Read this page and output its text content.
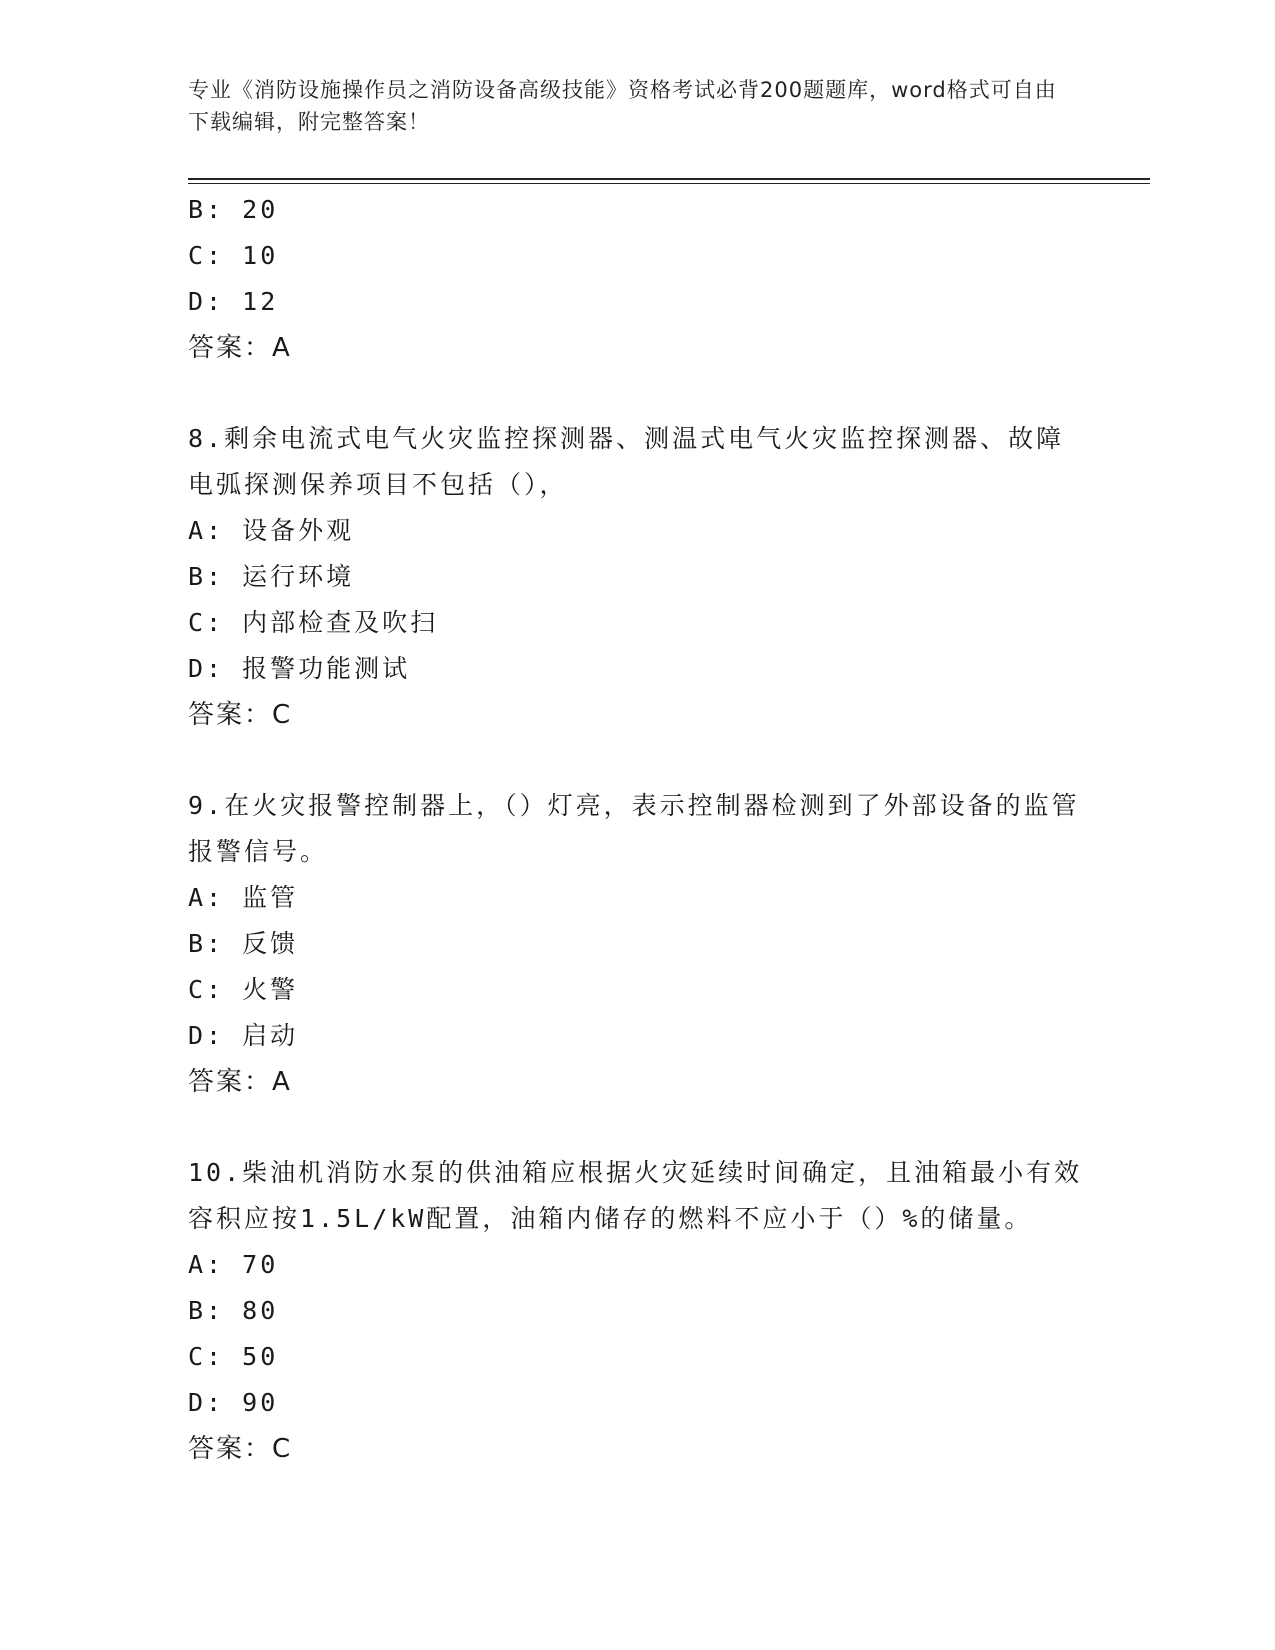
专业《消防设施操作员之消防设备高级技能》资格考试必背200题题库，word格式可自由下载编辑，附完整答案！
B: 20
C: 10
D: 12
答案：A
8.剩余电流式电气火灾监控探测器、测温式电气火灾监控探测器、故障电弧探测保养项目不包括（），
A: 设备外观
B: 运行环境
C: 内部检查及吹扫
D: 报警功能测试
答案：C
9.在火灾报警控制器上，（）灯亮，表示控制器检测到了外部设备的监管报警信号。
A: 监管
B: 反馈
C: 火警
D: 启动
答案：A
10.柴油机消防水泵的供油箱应根据火灾延续时间确定，且油箱最小有效容积应按1.5L/kW配置，油箱内储存的燃料不应小于（）%的储量。
A: 70
B: 80
C: 50
D: 90
答案：C
